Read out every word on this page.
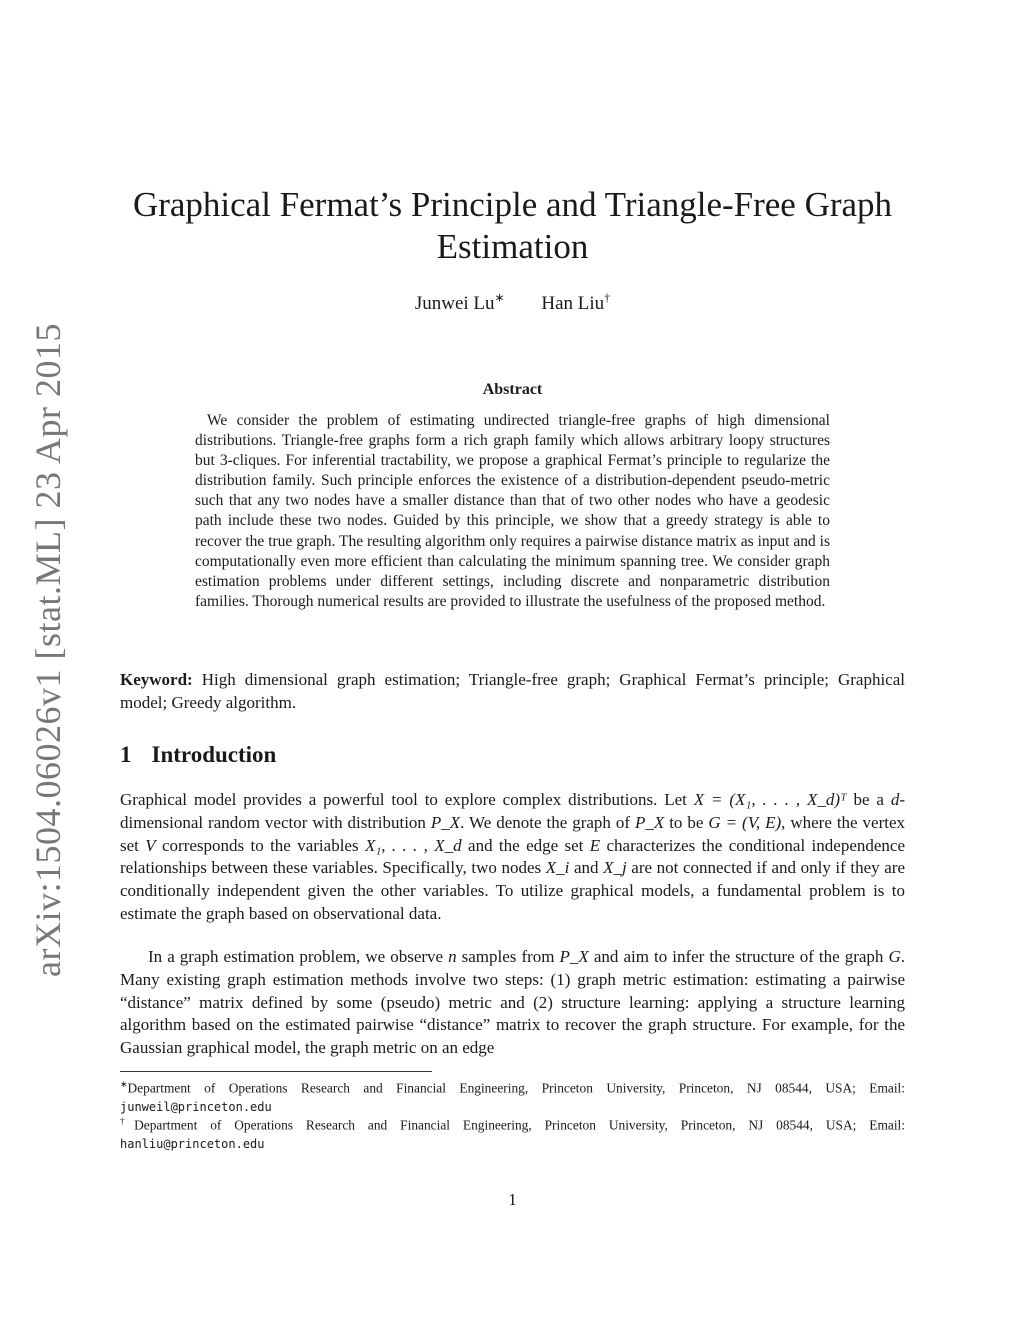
arXiv:1504.06026v1 [stat.ML] 23 Apr 2015
Graphical Fermat’s Principle and Triangle-Free Graph Estimation
Junwei Lu∗ Han Liu†
Abstract

We consider the problem of estimating undirected triangle-free graphs of high dimensional distributions. Triangle-free graphs form a rich graph family which allows arbitrary loopy structures but 3-cliques. For inferential tractability, we propose a graphical Fermat’s principle to regularize the distribution family. Such principle enforces the existence of a distribution-dependent pseudo-metric such that any two nodes have a smaller distance than that of two other nodes who have a geodesic path include these two nodes. Guided by this principle, we show that a greedy strategy is able to recover the true graph. The resulting algorithm only requires a pairwise distance matrix as input and is computationally even more efficient than calculating the minimum spanning tree. We consider graph estimation problems under different settings, including discrete and nonparametric distribution families. Thorough numerical results are provided to illustrate the usefulness of the proposed method.

Keyword: High dimensional graph estimation; Triangle-free graph; Graphical Fermat’s principle; Graphical model; Greedy algorithm.

1 Introduction

Graphical model provides a powerful tool to explore complex distributions. Let X = (X₁, . . . , X_d)ᵀ be a d-dimensional random vector with distribution P_X. We denote the graph of P_X to be G = (V, E), where the vertex set V corresponds to the variables X₁, . . . , X_d and the edge set E characterizes the conditional independence relationships between these variables. Specifically, two nodes X_i and X_j are not connected if and only if they are conditionally independent given the other variables. To utilize graphical models, a fundamental problem is to estimate the graph based on observational data.

In a graph estimation problem, we observe n samples from P_X and aim to infer the structure of the graph G. Many existing graph estimation methods involve two steps: (1) graph metric estimation: estimating a pairwise “distance” matrix defined by some (pseudo) metric and (2) structure learning: applying a structure learning algorithm based on the estimated pairwise “distance” matrix to recover the graph structure. For example, for the Gaussian graphical model, the graph metric on an edge

∗Department of Operations Research and Financial Engineering, Princeton University, Princeton, NJ 08544, USA; Email: junweil@princeton.edu

†Department of Operations Research and Financial Engineering, Princeton University, Princeton, NJ 08544, USA; Email: hanliu@princeton.edu

1
